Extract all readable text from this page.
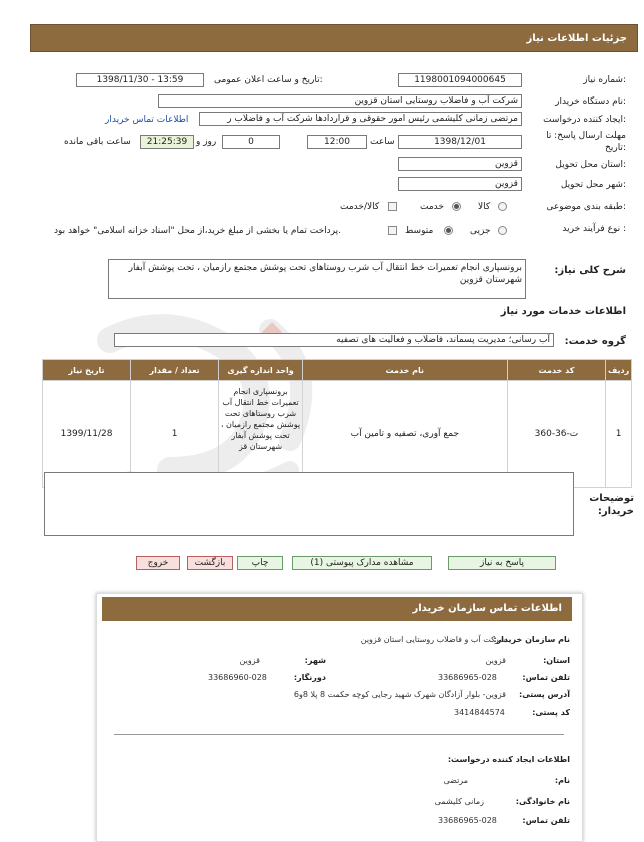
جزئیات اطلاعات نیاز
شماره نیاز:
1198001094000645
تاریخ و ساعت اعلان عمومی:
1398/11/30 - 13:59
نام دستگاه خریدار:
شرکت آب و فاضلاب روستایی استان قزوین
ایجاد کننده درخواست:
مرتضی زمانی کلیشمی رئیس امور حقوقی و قراردادها شرکت آب و فاضلاب ر
اطلاعات تماس خریدار
مهلت ارسال پاسخ: تا
تاریخ:
1398/12/01
ساعت
12:00
0
روز و
21:25:39
ساعت باقی مانده
استان محل تحویل:
قزوین
شهر محل تحویل:
قزوین
طبقه بندی موضوعی:
کالا
خدمت
کالا/خدمت
نوع فرآیند خرید :
جزیی
متوسط
پرداخت تمام یا بخشی از مبلغ خرید،از محل "اسناد خزانه اسلامی" خواهد بود.
شرح کلی نیاز:
برونسپاری انجام تعمیرات خط انتقال آب شرب روستاهای تحت پوشش مجتمع رازمیان ، تحت پوشش آبفار شهرستان قزوین
اطلاعات خدمات مورد نیاز
گروه خدمت:
آب رسانی؛ مدیریت پسماند، فاضلاب و فعالیت های تصفیه
ردیف	کد خدمت	نام خدمت	واحد اندازه گیری	تعداد / مقدار	تاریخ نیاز
1	ت-36-360	جمع آوری، تصفیه و تامین آب	برونسپاری انجام تعمیرات خط انتقال آب شرب روستاهای تحت پوشش مجتمع رازمیان ، تحت پوشش آبفار شهرستان قز	1	1399/11/28
توضیحات خریدار:
پاسخ به نیاز
مشاهده مدارک پیوستی (1)
چاپ
بازگشت
خروج
اطلاعات تماس سازمان خریدار
نام سازمان خریدار:
شرکت آب و فاضلاب روستایی استان قزوین
استان:
قزوین
شهر:
قزوین
تلفن تماس:
33686965-028
دورنگار:
33686960-028
آدرس پستی:
قزوین- بلوار آزادگان شهرک شهید رجایی کوچه حکمت 8 پلا 8و6
کد پستی:
3414844574
اطلاعات ایجاد کننده درخواست:
نام:
مرتضی
نام خانوادگی:
زمانی کلیشمی
تلفن تماس:
33686965-028
